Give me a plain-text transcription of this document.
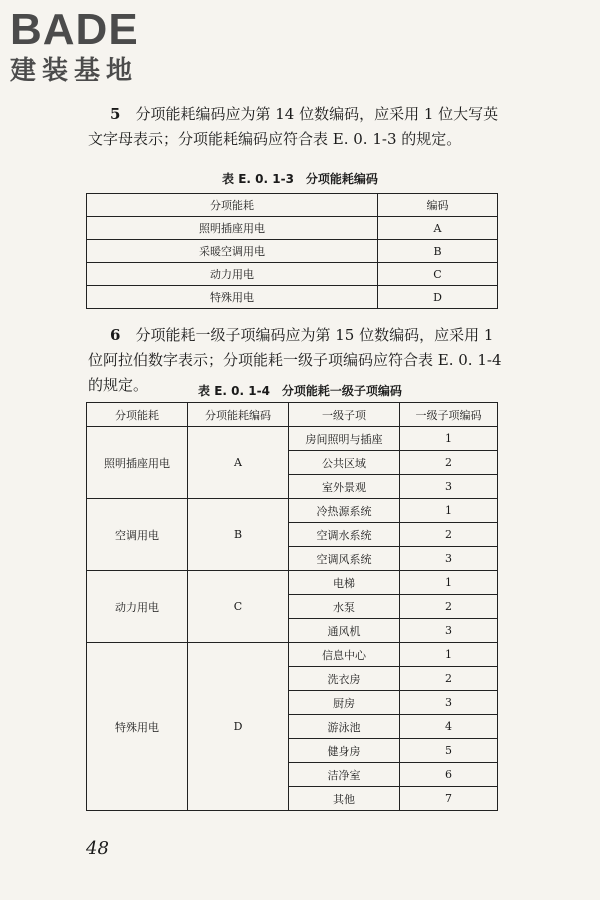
BADE
建装基地
5　 分项能耗编码应为第 14 位数编码，应采用 1 位大写英文字母表示；分项能耗编码应符合表 E. 0. 1-3 的规定。
表 E. 0. 1-3　分项能耗编码
分项能耗	编码
照明插座用电	A
采暖空调用电	B
动力用电	C
特殊用电	D
6　 分项能耗一级子项编码应为第 15 位数编码，应采用 1 位阿拉伯数字表示；分项能耗一级子项编码应符合表 E. 0. 1-4 的规定。	表 E. 0. 1-4　分项能耗一级子项编码
分项能耗	分项能耗编码	一级子项	一级子项编码
照明插座用电	A	房间照明与插座	1
		公共区域	2
		室外景观	3
空调用电	B	冷热源系统	1
		空调水系统	2
		空调风系统	3
动力用电	C	电梯	1
		水泵	2
		通风机	3
特殊用电	D	信息中心	1
		洗衣房	2
		厨房	3
		游泳池	4
		健身房	5
		洁净室	6
		其他	7
48
